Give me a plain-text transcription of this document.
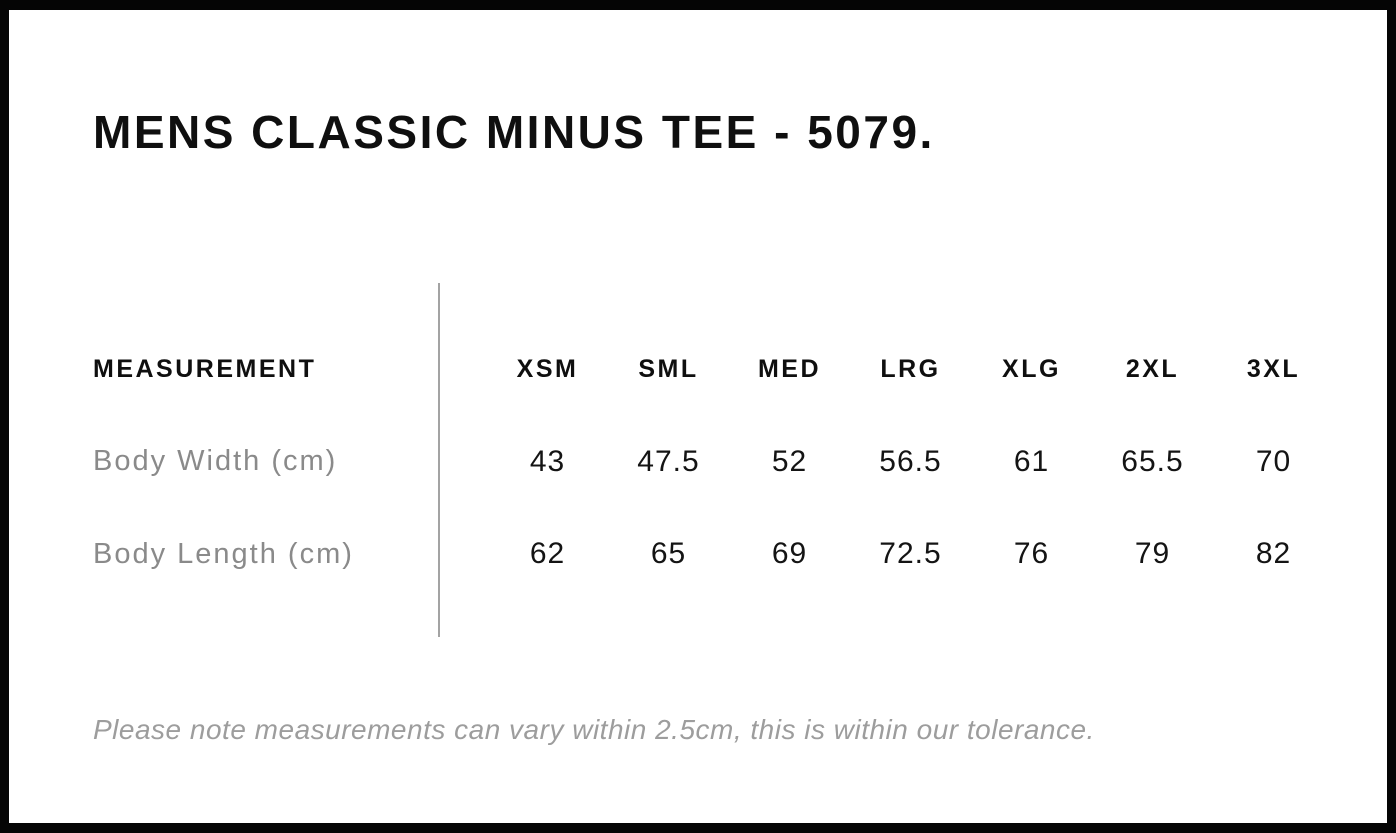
MENS CLASSIC MINUS TEE - 5079.
MEASUREMENT	XSM	SML	MED	LRG	XLG	2XL	3XL
Body Width (cm)	43	47.5	52	56.5	61	65.5	70
Body Length (cm)	62	65	69	72.5	76	79	82

Please note measurements can vary within 2.5cm, this is within our tolerance.
